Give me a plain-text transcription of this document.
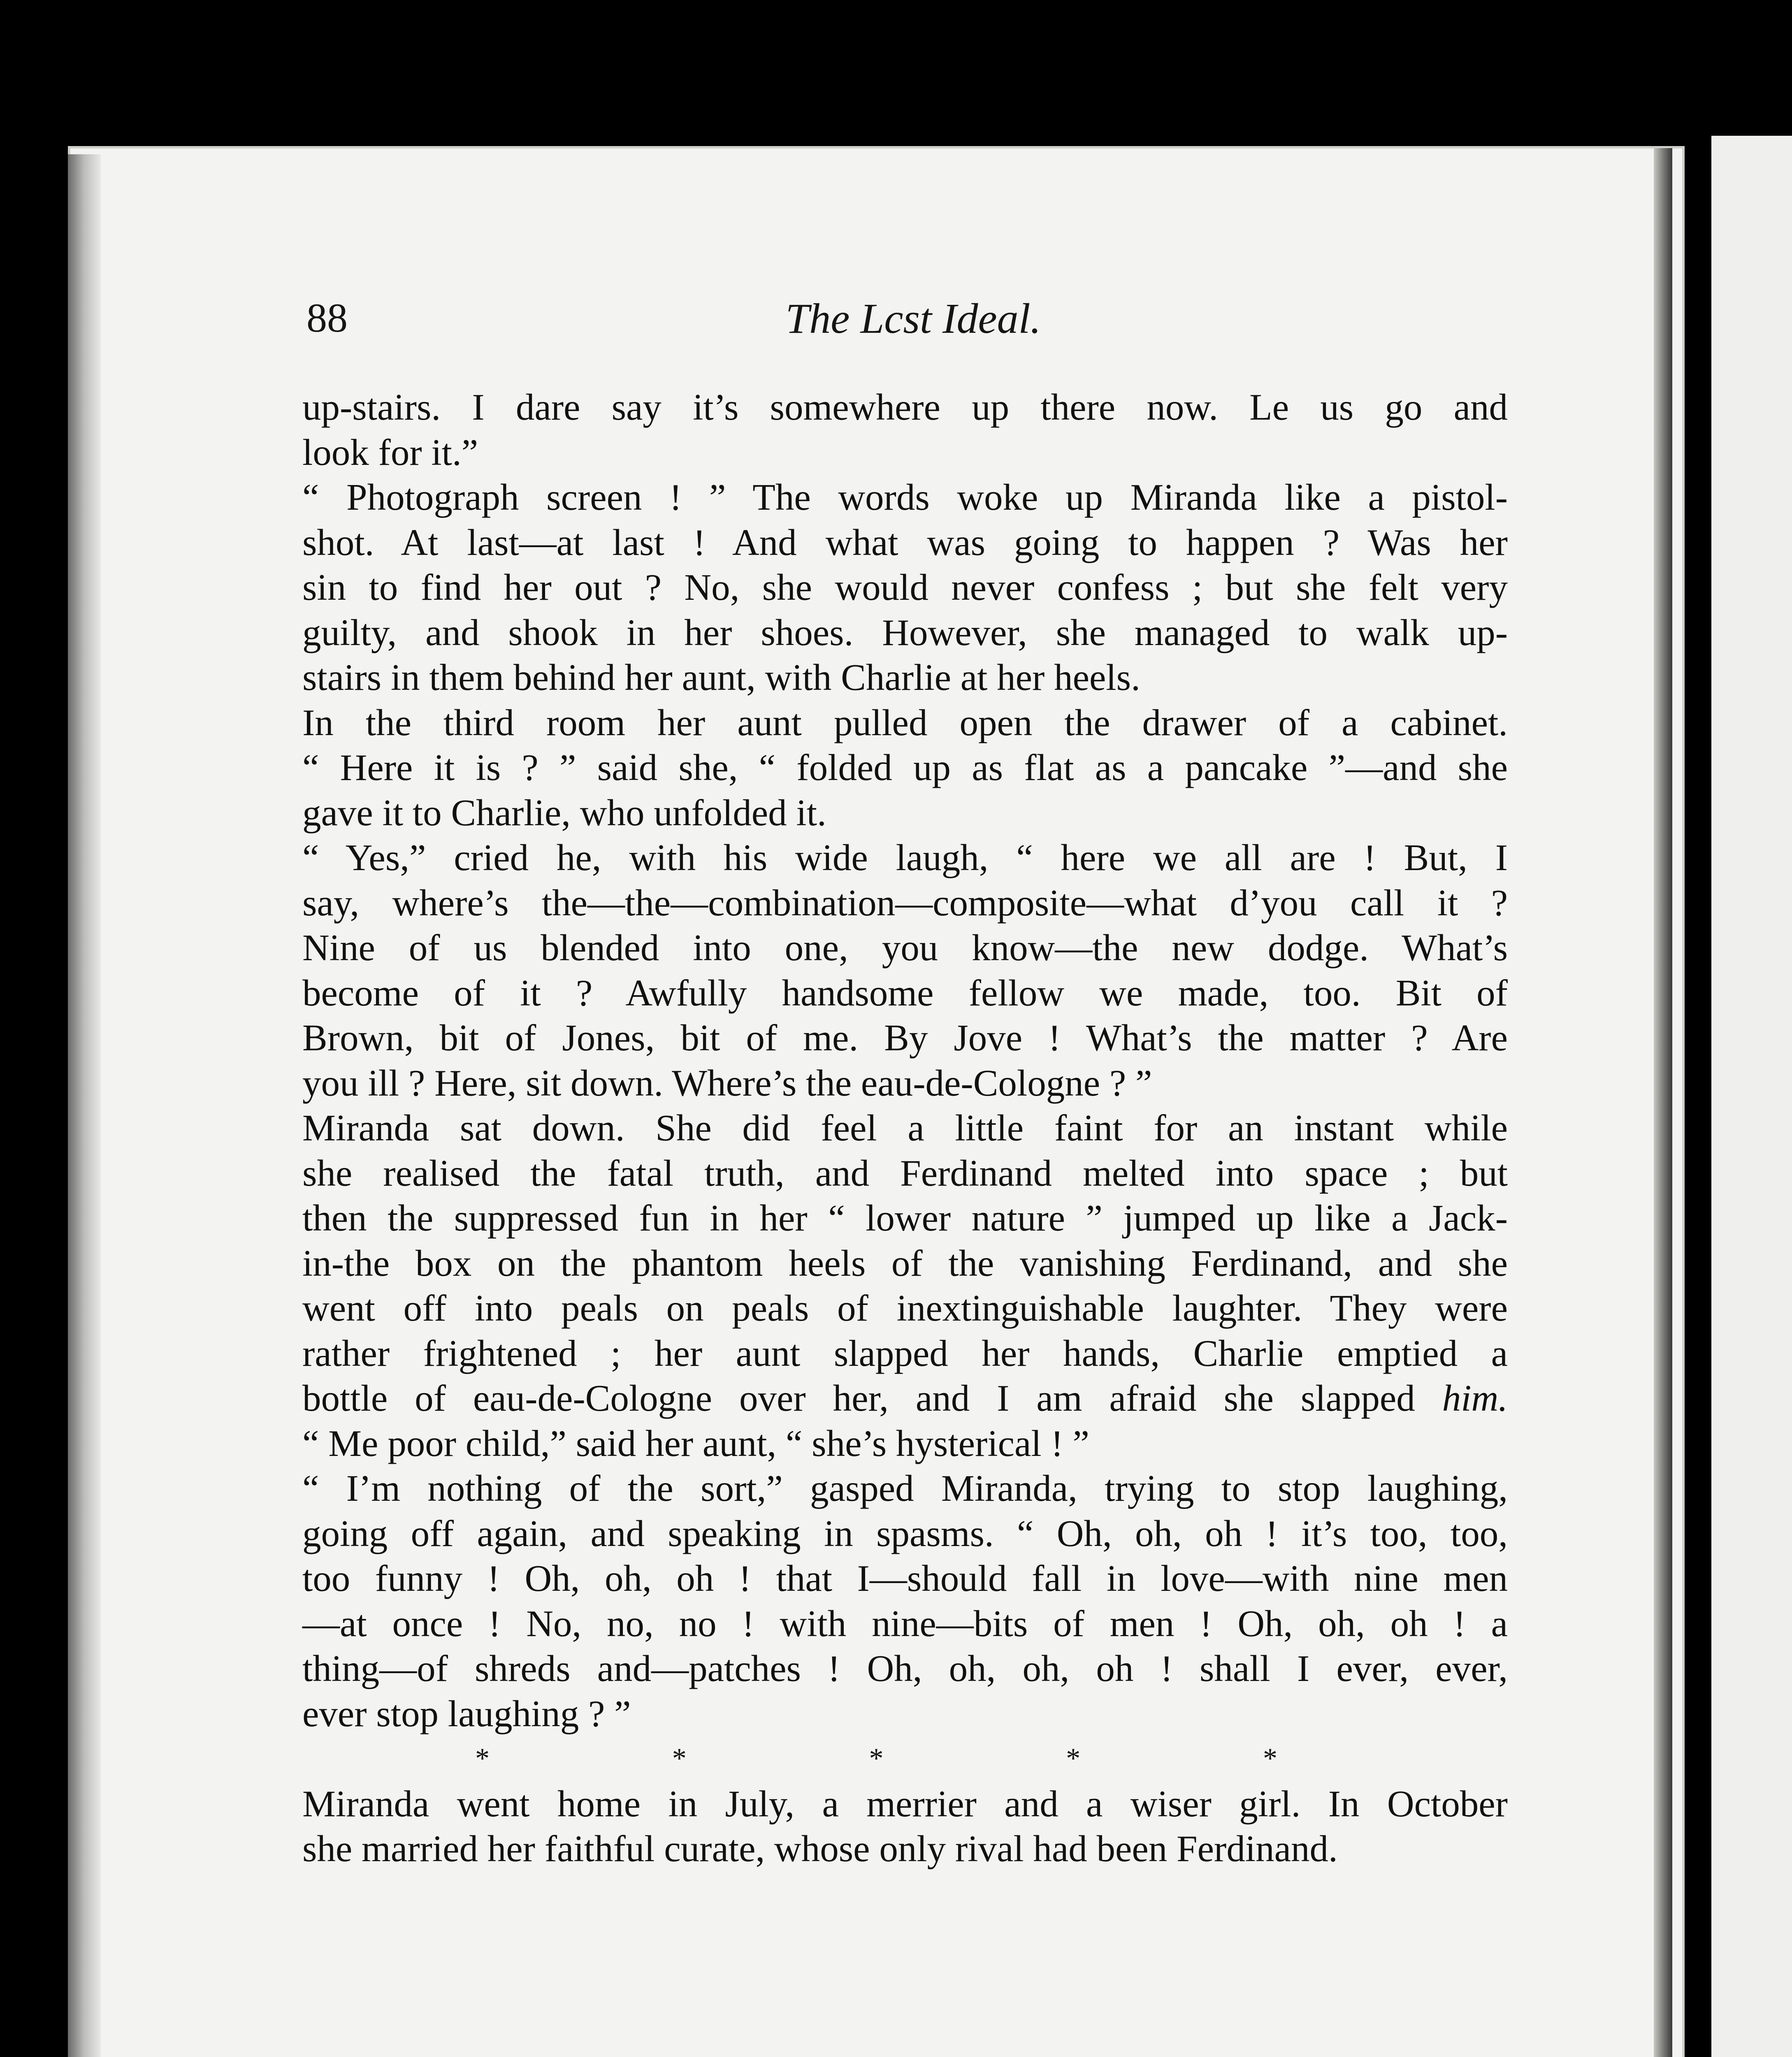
88	The Lcst Ideal.
up-stairs. I dare say it’s somewhere up there now. Le us go and
look for it.”
“ Photograph screen ! ” The words woke up Miranda like a pistol-
shot. At last—at last ! And what was going to happen ? Was her
sin to find her out ? No, she would never confess ; but she felt very
guilty, and shook in her shoes. However, she managed to walk up-
stairs in them behind her aunt, with Charlie at her heels.
In the third room her aunt pulled open the drawer of a cabinet.
“ Here it is ? ” said she, “ folded up as flat as a pancake ”—and she
gave it to Charlie, who unfolded it.
“ Yes,” cried he, with his wide laugh, “ here we all are ! But, I
say, where’s the—the—combination—composite—what d’you call it ?
Nine of us blended into one, you know—the new dodge. What’s
become of it ? Awfully handsome fellow we made, too. Bit of
Brown, bit of Jones, bit of me. By Jove ! What’s the matter ? Are
you ill ? Here, sit down. Where’s the eau-de-Cologne ? ”
Miranda sat down. She did feel a little faint for an instant while
she realised the fatal truth, and Ferdinand melted into space ; but
then the suppressed fun in her “ lower nature ” jumped up like a Jack-
in-the box on the phantom heels of the vanishing Ferdinand, and she
went off into peals on peals of inextinguishable laughter. They were
rather frightened ; her aunt slapped her hands, Charlie emptied a
bottle of eau-de-Cologne over her, and I am afraid she slapped him.
“ Me poor child,” said her aunt, “ she’s hysterical ! ”
“ I’m nothing of the sort,” gasped Miranda, trying to stop laughing,
going off again, and speaking in spasms. “ Oh, oh, oh ! it’s too, too,
too funny ! Oh, oh, oh ! that I—should fall in love—with nine men
—at once ! No, no, no ! with nine—bits of men ! Oh, oh, oh ! a
thing—of shreds and—patches ! Oh, oh, oh, oh ! shall I ever, ever,
ever stop laughing ? ”
*	*	*	*	*
Miranda went home in July, a merrier and a wiser girl. In October
she married her faithful curate, whose only rival had been Ferdinand.
